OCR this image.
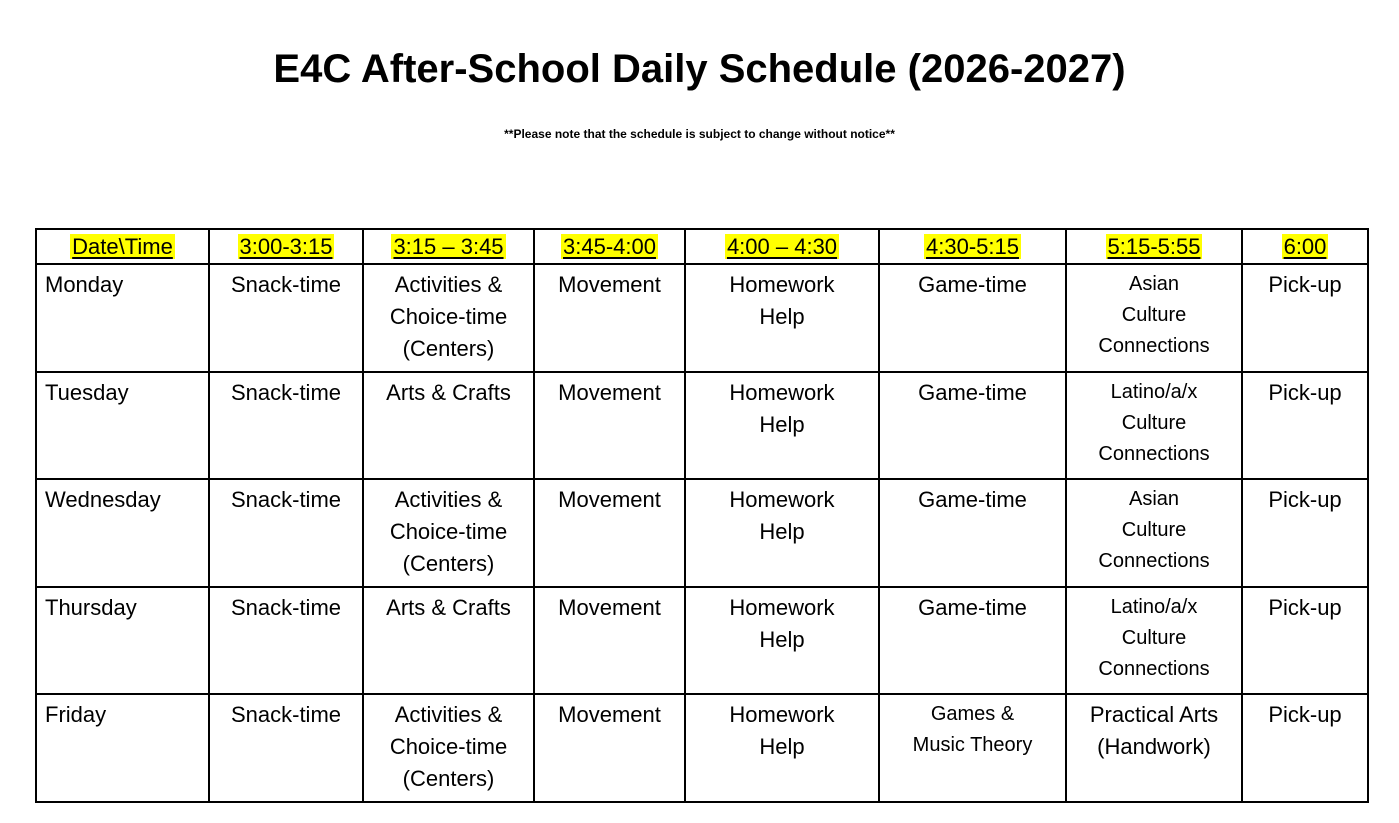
E4C After-School Daily Schedule (2026-2027)

**Please note that the schedule is subject to change without notice**

Date\Time	3:00-3:15	3:15 – 3:45	3:45-4:00	4:00 – 4:30	4:30-5:15	5:15-5:55	6:00
Monday	Snack-time	Activities &
Choice-time
(Centers)	Movement	Homework
Help	Game-time	Asian
Culture
Connections	Pick-up
Tuesday	Snack-time	Arts & Crafts	Movement	Homework
Help	Game-time	Latino/a/x
Culture
Connections	Pick-up
Wednesday	Snack-time	Activities &
Choice-time
(Centers)	Movement	Homework
Help	Game-time	Asian
Culture
Connections	Pick-up
Thursday	Snack-time	Arts & Crafts	Movement	Homework
Help	Game-time	Latino/a/x
Culture
Connections	Pick-up
Friday	Snack-time	Activities &
Choice-time
(Centers)	Movement	Homework
Help	Games &
Music Theory	Practical Arts
(Handwork)	Pick-up
